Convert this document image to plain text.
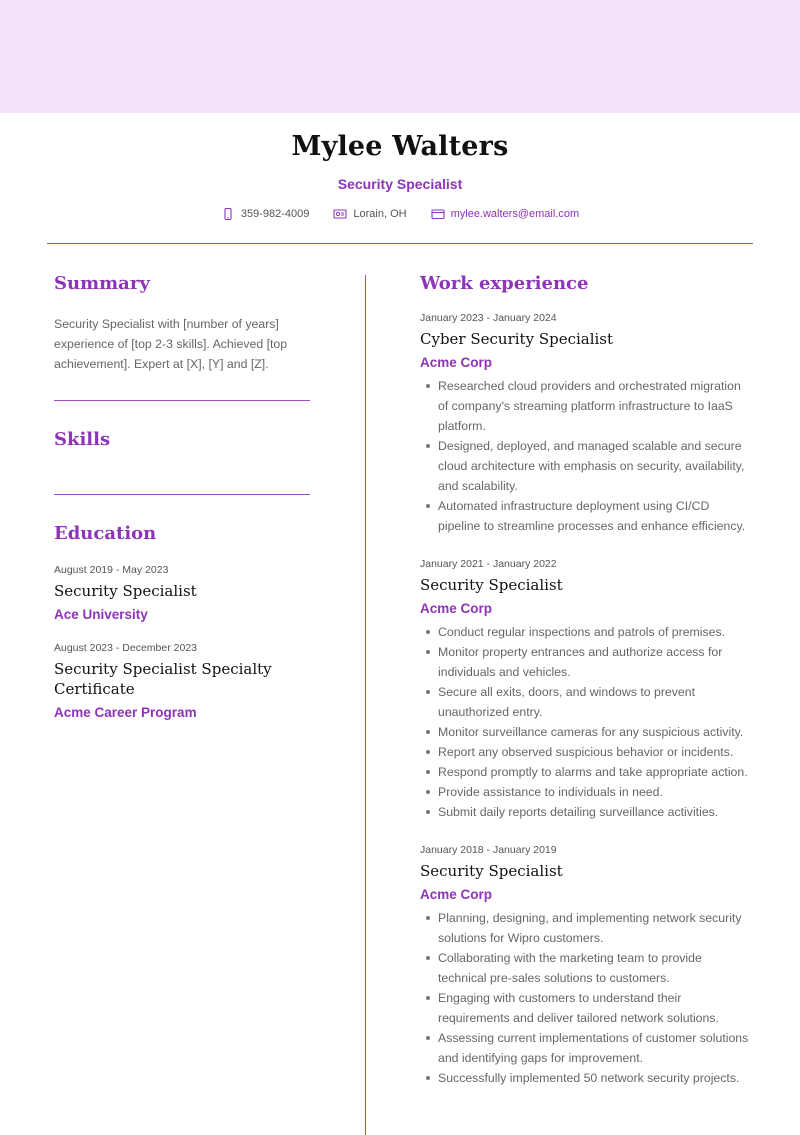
Mylee Walters
Security Specialist
359-982-4009	Lorain, OH	mylee.walters@email.com
Summary
Security Specialist with [number of years] experience of [top 2-3 skills]. Achieved [top achievement]. Expert at [X], [Y] and [Z].
Skills
Education
August 2019 - May 2023
Security Specialist
Ace University
August 2023 - December 2023
Security Specialist Specialty Certificate
Acme Career Program
Work experience
January 2023 - January 2024
Cyber Security Specialist
Acme Corp
Researched cloud providers and orchestrated migration of company's streaming platform infrastructure to IaaS platform.
Designed, deployed, and managed scalable and secure cloud architecture with emphasis on security, availability, and scalability.
Automated infrastructure deployment using CI/CD pipeline to streamline processes and enhance efficiency.
January 2021 - January 2022
Security Specialist
Acme Corp
Conduct regular inspections and patrols of premises.
Monitor property entrances and authorize access for individuals and vehicles.
Secure all exits, doors, and windows to prevent unauthorized entry.
Monitor surveillance cameras for any suspicious activity.
Report any observed suspicious behavior or incidents.
Respond promptly to alarms and take appropriate action.
Provide assistance to individuals in need.
Submit daily reports detailing surveillance activities.
January 2018 - January 2019
Security Specialist
Acme Corp
Planning, designing, and implementing network security solutions for Wipro customers.
Collaborating with the marketing team to provide technical pre-sales solutions to customers.
Engaging with customers to understand their requirements and deliver tailored network solutions.
Assessing current implementations of customer solutions and identifying gaps for improvement.
Successfully implemented 50 network security projects.
